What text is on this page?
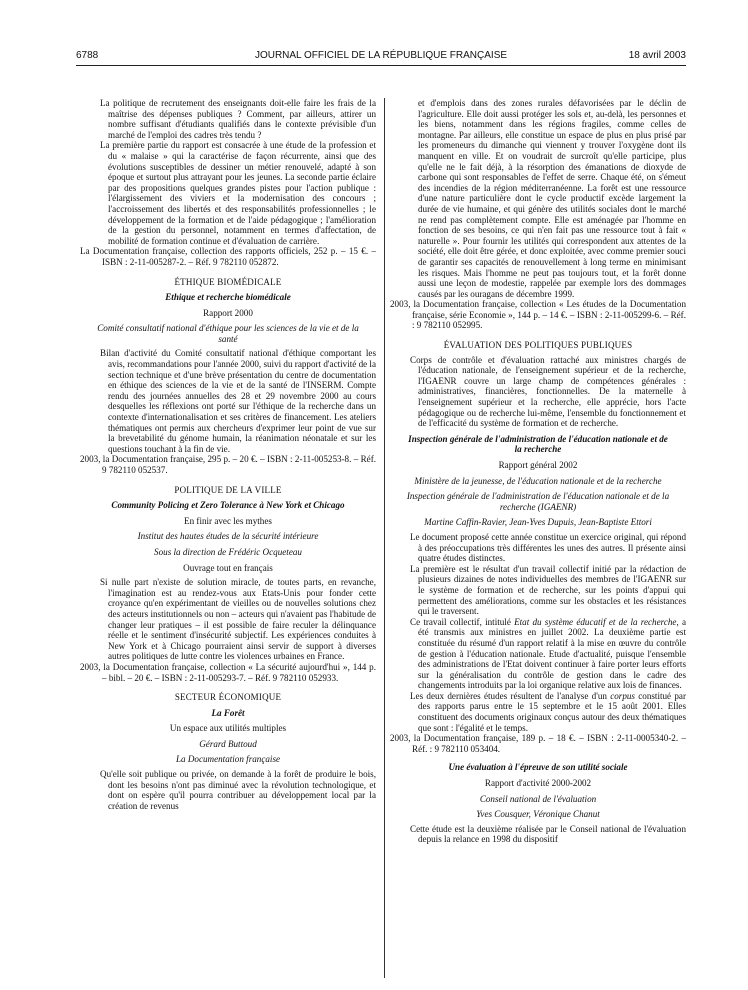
6788	JOURNAL OFFICIEL DE LA RÉPUBLIQUE FRANÇAISE	18 avril 2003
La politique de recrutement des enseignants doit-elle faire les frais de la maîtrise des dépenses publiques ? Comment, par ailleurs, attirer un nombre suffisant d'étudiants qualifiés dans le contexte prévisible d'un marché de l'emploi des cadres très tendu ?
La première partie du rapport est consacrée à une étude de la profession et du « malaise » qui la caractérise de façon récurrente, ainsi que des évolutions susceptibles de dessiner un métier renouvelé, adapté à son époque et surtout plus attrayant pour les jeunes. La seconde partie éclaire par des propositions quelques grandes pistes pour l'action publique : l'élargissement des viviers et la modernisation des concours ; l'accroissement des libertés et des responsabilités professionnelles ; le développement de la formation et de l'aide pédagogique ; l'amélioration de la gestion du personnel, notamment en termes d'affectation, de mobilité de formation continue et d'évaluation de carrière.
La Documentation française, collection des rapports officiels, 252 p. – 15 €. – ISBN : 2-11-005287-2. – Réf. 9 782110 052872.
ÉTHIQUE BIOMÉDICALE
Ethique et recherche biomédicale
Rapport 2000
Comité consultatif national d'éthique pour les sciences de la vie et de la santé
Bilan d'activité du Comité consultatif national d'éthique comportant les avis, recommandations pour l'année 2000, suivi du rapport d'activité de la section technique et d'une brève présentation du centre de documentation en éthique des sciences de la vie et de la santé de l'INSERM. Compte rendu des journées annuelles des 28 et 29 novembre 2000 au cours desquelles les réflexions ont porté sur l'éthique de la recherche dans un contexte d'internationalisation et ses critères de financement. Les ateliers thématiques ont permis aux chercheurs d'exprimer leur point de vue sur la brevetabilité du génome humain, la réanimation néonatale et sur les questions touchant à la fin de vie.
2003, la Documentation française, 295 p. – 20 €. – ISBN : 2-11-005253-8. – Réf. 9 782110 052537.
POLITIQUE DE LA VILLE
Community Policing et Zero Tolerance à New York et Chicago
En finir avec les mythes
Institut des hautes études de la sécurité intérieure
Sous la direction de Frédéric Ocqueteau
Ouvrage tout en français
Si nulle part n'existe de solution miracle, de toutes parts, en revanche, l'imagination est au rendez-vous aux Etats-Unis pour fonder cette croyance qu'en expérimentant de vieilles ou de nouvelles solutions chez des acteurs institutionnels ou non – acteurs qui n'avaient pas l'habitude de changer leur pratiques – il est possible de faire reculer la délinquance réelle et le sentiment d'insécurité subjectif. Les expériences conduites à New York et à Chicago pourraient ainsi servir de support à diverses autres politiques de lutte contre les violences urbaines en France.
2003, la Documentation française, collection « La sécurité aujourd'hui », 144 p. – bibl. – 20 €. – ISBN : 2-11-005293-7. – Réf. 9 782110 052933.
SECTEUR ÉCONOMIQUE
La Forêt
Un espace aux utilités multiples
Gérard Buttoud
La Documentation française
Qu'elle soit publique ou privée, on demande à la forêt de produire le bois, dont les besoins n'ont pas diminué avec la révolution technologique, et dont on espère qu'il pourra contribuer au développement local par la création de revenus
et d'emplois dans des zones rurales défavorisées par le déclin de l'agriculture. Elle doit aussi protéger les sols et, au-delà, les personnes et les biens, notamment dans les régions fragiles, comme celles de montagne. Par ailleurs, elle constitue un espace de plus en plus prisé par les promeneurs du dimanche qui viennent y trouver l'oxygène dont ils manquent en ville. Et on voudrait de surcroît qu'elle participe, plus qu'elle ne le fait déjà, à la résorption des émanations de dioxyde de carbone qui sont responsables de l'effet de serre. Chaque été, on s'émeut des incendies de la région méditerranéenne. La forêt est une ressource d'une nature particulière dont le cycle productif excède largement la durée de vie humaine, et qui génère des utilités sociales dont le marché ne rend pas complètement compte. Elle est aménagée par l'homme en fonction de ses besoins, ce qui n'en fait pas une ressource tout à fait « naturelle ». Pour fournir les utilités qui correspondent aux attentes de la société, elle doit être gérée, et donc exploitée, avec comme premier souci de garantir ses capacités de renouvellement à long terme en minimisant les risques. Mais l'homme ne peut pas toujours tout, et la forêt donne aussi une leçon de modestie, rappelée par exemple lors des dommages causés par les ouragans de décembre 1999.
2003, la Documentation française, collection « Les études de la Documentation française, série Economie », 144 p. – 14 €. – ISBN : 2-11-005299-6. – Réf. : 9 782110 052995.
ÉVALUATION DES POLITIQUES PUBLIQUES
Corps de contrôle et d'évaluation rattaché aux ministres chargés de l'éducation nationale, de l'enseignement supérieur et de la recherche, l'IGAENR couvre un large champ de compétences générales : administratives, financières, fonctionnelles. De la maternelle à l'enseignement supérieur et la recherche, elle apprécie, hors l'acte pédagogique ou de recherche lui-même, l'ensemble du fonctionnement et de l'efficacité du système de formation et de recherche.
Inspection générale de l'administration de l'éducation nationale et de la recherche
Rapport général 2002
Ministère de la jeunesse, de l'éducation nationale et de la recherche
Inspection générale de l'administration de l'éducation nationale et de la recherche (IGAENR)
Martine Caffin-Ravier, Jean-Yves Dupuis, Jean-Baptiste Ettori
Le document proposé cette année constitue un exercice original, qui répond à des préoccupations très différentes les unes des autres. Il présente ainsi quatre études distinctes.
La première est le résultat d'un travail collectif initié par la rédaction de plusieurs dizaines de notes individuelles des membres de l'IGAENR sur le système de formation et de recherche, sur les points d'appui qui permettent des améliorations, comme sur les obstacles et les résistances qui le traversent.
Ce travail collectif, intitulé Etat du système éducatif et de la recherche, a été transmis aux ministres en juillet 2002. La deuxième partie est constituée du résumé d'un rapport relatif à la mise en œuvre du contrôle de gestion à l'éducation nationale. Etude d'actualité, puisque l'ensemble des administrations de l'Etat doivent continuer à faire porter leurs efforts sur la généralisation du contrôle de gestion dans le cadre des changements introduits par la loi organique relative aux lois de finances.
Les deux dernières études résultent de l'analyse d'un corpus constitué par des rapports parus entre le 15 septembre et le 15 août 2001. Elles constituent des documents originaux conçus autour des deux thématiques que sont : l'égalité et le temps.
2003, la Documentation française, 189 p. – 18 €. – ISBN : 2-11-0005340-2. – Réf. : 9 782110 053404.
Une évaluation à l'épreuve de son utilité sociale
Rapport d'activité 2000-2002
Conseil national de l'évaluation
Yves Cousquer, Véronique Chanut
Cette étude est la deuxième réalisée par le Conseil national de l'évaluation depuis la relance en 1998 du dispositif
